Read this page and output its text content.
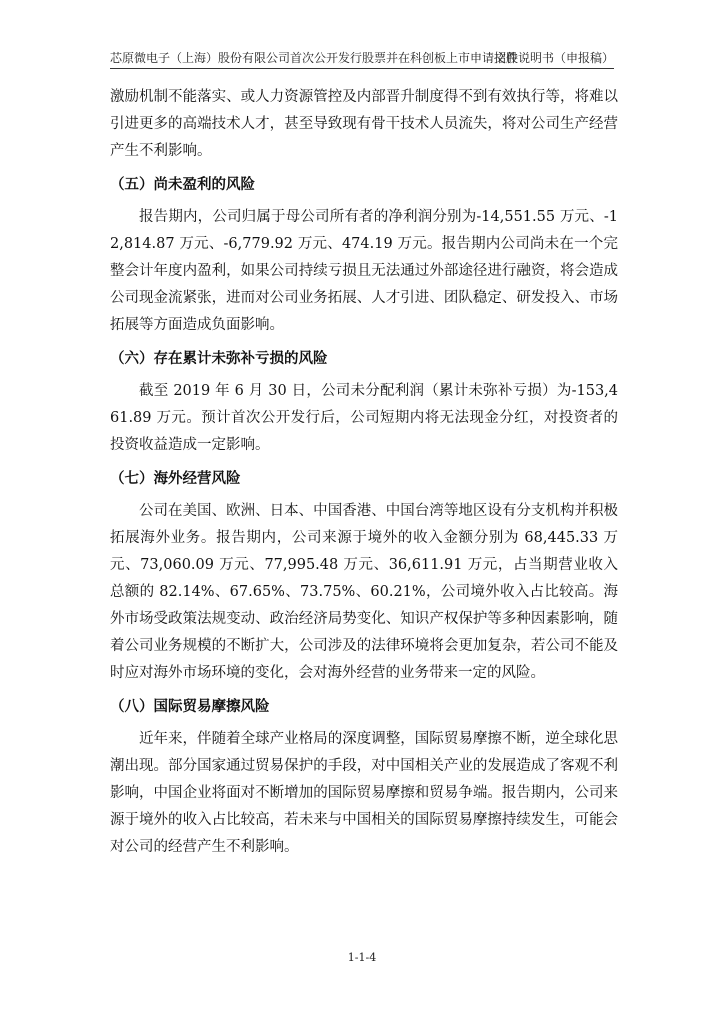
芯原微电子（上海）股份有限公司首次公开发行股票并在科创板上市申请文件
招股说明书（申报稿）

激励机制不能落实、或人力资源管控及内部晋升制度得不到有效执行等，将难以引进更多的高端技术人才，甚至导致现有骨干技术人员流失，将对公司生产经营产生不利影响。

（五）尚未盈利的风险

报告期内，公司归属于母公司所有者的净利润分别为-14,551.55 万元、-12,814.87 万元、-6,779.92 万元、474.19 万元。报告期内公司尚未在一个完整会计年度内盈利，如果公司持续亏损且无法通过外部途径进行融资，将会造成公司现金流紧张，进而对公司业务拓展、人才引进、团队稳定、研发投入、市场拓展等方面造成负面影响。

（六）存在累计未弥补亏损的风险

截至 2019 年 6 月 30 日，公司未分配利润（累计未弥补亏损）为-153,461.89 万元。预计首次公开发行后，公司短期内将无法现金分红，对投资者的投资收益造成一定影响。

（七）海外经营风险

公司在美国、欧洲、日本、中国香港、中国台湾等地区设有分支机构并积极拓展海外业务。报告期内，公司来源于境外的收入金额分别为 68,445.33 万元、73,060.09 万元、77,995.48 万元、36,611.91 万元，占当期营业收入总额的 82.14%、67.65%、73.75%、60.21%，公司境外收入占比较高。海外市场受政策法规变动、政治经济局势变化、知识产权保护等多种因素影响，随着公司业务规模的不断扩大，公司涉及的法律环境将会更加复杂，若公司不能及时应对海外市场环境的变化，会对海外经营的业务带来一定的风险。

（八）国际贸易摩擦风险

近年来，伴随着全球产业格局的深度调整，国际贸易摩擦不断，逆全球化思潮出现。部分国家通过贸易保护的手段，对中国相关产业的发展造成了客观不利影响，中国企业将面对不断增加的国际贸易摩擦和贸易争端。报告期内，公司来源于境外的收入占比较高，若未来与中国相关的国际贸易摩擦持续发生，可能会对公司的经营产生不利影响。

1-1-4
